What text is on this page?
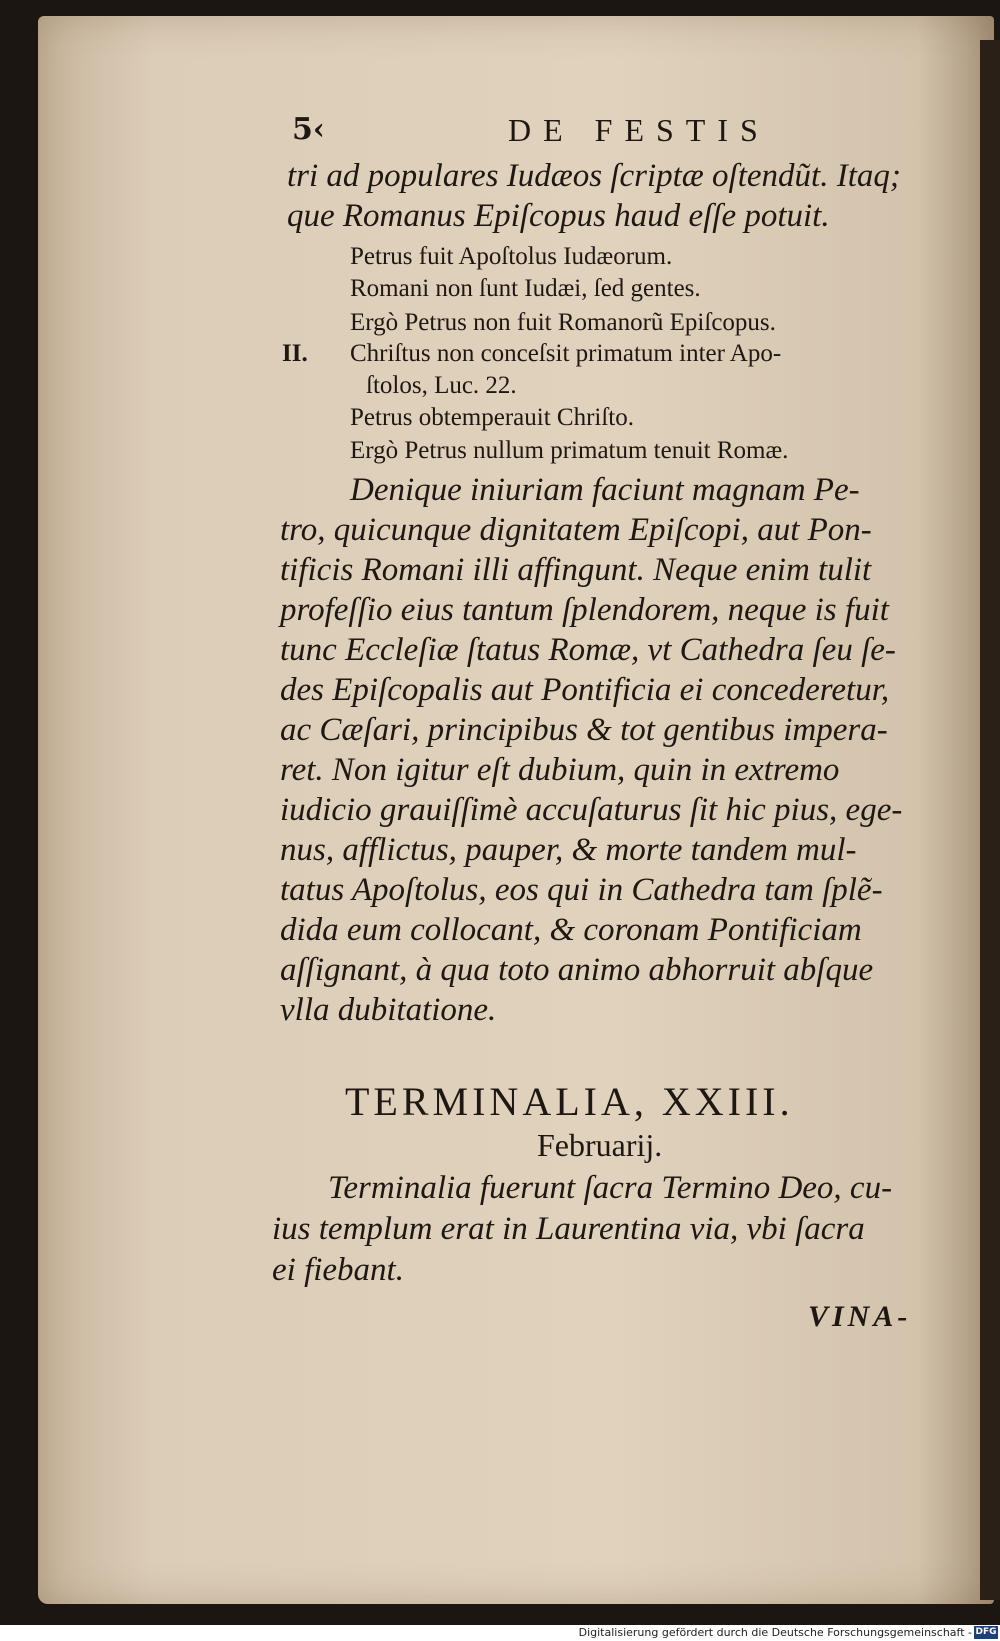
5‹	DE FESTIS
tri ad populares Iudæos ſcriptæ oſtendũt. Itaq;
que Romanus Epiſcopus haud eſſe potuit.
Petrus fuit Apoſtolus Iudæorum.
Romani non ſunt Iudæi, ſed gentes.
Ergò Petrus non fuit Romanorũ Epiſcopus.
II. Chriſtus non conceſsit primatum inter Apo-
ſtolos, Luc. 22.
Petrus obtemperauit Chriſto.
Ergò Petrus nullum primatum tenuit Romæ.
Denique iniuriam faciunt magnam Pe-
tro, quicunque dignitatem Epiſcopi, aut Pon-
tificis Romani illi affingunt. Neque enim tulit
profeſſio eius tantum ſplendorem, neque is fuit
tunc Eccleſiæ ſtatus Romæ, vt Cathedra ſeu ſe-
des Epiſcopalis aut Pontificia ei concederetur,
ac Cæſari, principibus & tot gentibus impera-
ret. Non igitur eſt dubium, quin in extremo
iudicio grauiſſimè accuſaturus ſit hic pius, ege-
nus, afflictus, pauper, & morte tandem mul-
tatus Apoſtolus, eos qui in Cathedra tam ſplẽ-
dida eum collocant, & coronam Pontificiam
aſſignant, à qua toto animo abhorruit abſque
vlla dubitatione.
TERMINALIA, XXIII.
Februarij.
Terminalia fuerunt ſacra Termino Deo, cu-
ius templum erat in Laurentina via, vbi ſacra
ei fiebant.
VINA-
Digitalisierung gefördert durch die Deutsche Forschungsgemeinschaft - DFG
